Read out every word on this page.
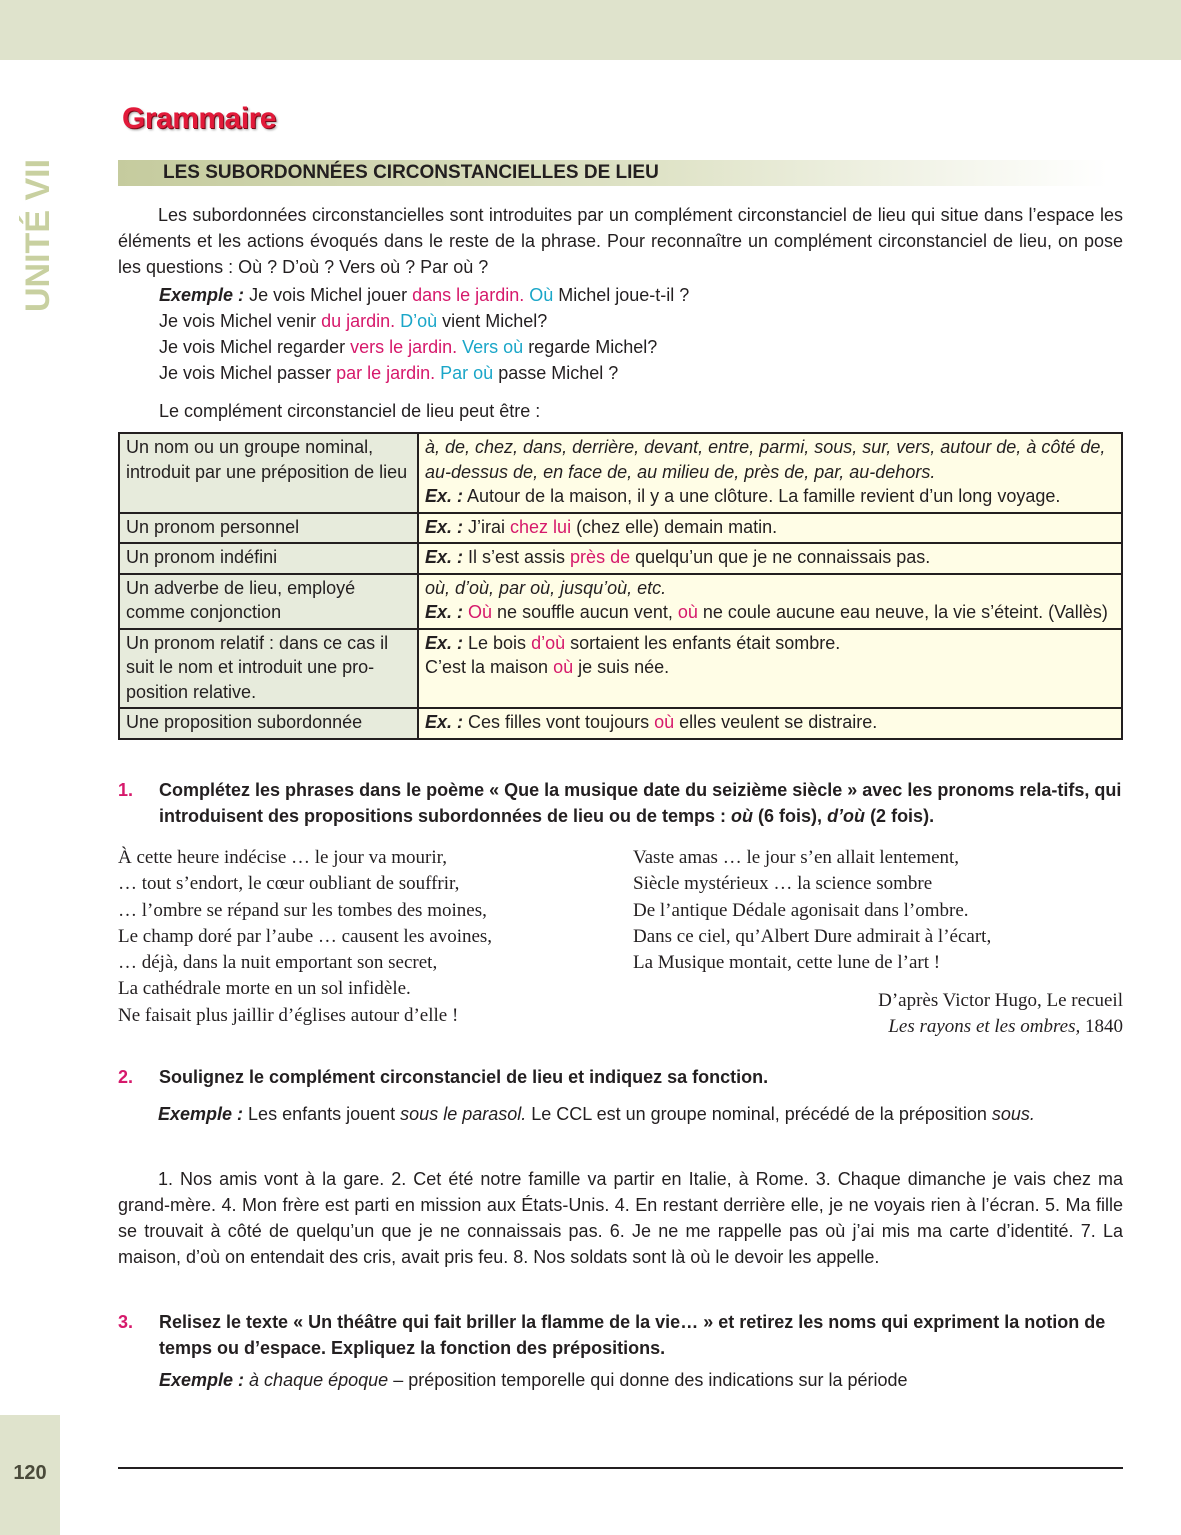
UNITÉ VII
120
Grammaire
LES SUBORDONNÉES CIRCONSTANCIELLES DE LIEU

Les subordonnées circonstancielles sont introduites par un complément circonstanciel de lieu qui situe dans l’espace les éléments et les actions évoqués dans le reste de la phrase. Pour reconnaître un complément circonstanciel de lieu, on pose les questions : Où ? D’où ? Vers où ? Par où ?

Exemple : Je vois Michel jouer dans le jardin. Où Michel joue-t-il ?
Je vois Michel venir du jardin. D’où vient Michel?
Je vois Michel regarder vers le jardin. Vers où regarde Michel?
Je vois Michel passer par le jardin. Par où passe Michel ?

Le complément circonstanciel de lieu peut être :

Un nom ou un groupe nominal, introduit par une préposition de lieu	à, de, chez, dans, derrière, devant, entre, parmi, sous, sur, vers, autour de, à côté de, au-dessus de, en face de, au milieu de, près de, par, au-dehors.
Ex. : Autour de la maison, il y a une clôture. La famille revient d’un long voyage.
Un pronom personnel	Ex. : J’irai chez lui (chez elle) demain matin.
Un pronom indéfini	Ex. : Il s’est assis près de quelqu’un que je ne connaissais pas.
Un adverbe de lieu, employé comme conjonction	où, d’où, par où, jusqu’où, etc.
Ex. : Où ne souffle aucun vent, où ne coule aucune eau neuve, la vie s’éteint. (Vallès)
Un pronom relatif : dans ce cas il suit le nom et introduit une pro-position relative.	Ex. : Le bois d’où sortaient les enfants était sombre.
C’est la maison où je suis née.
Une proposition subordonnée	Ex. : Ces filles vont toujours où elles veulent se distraire.
1. Complétez les phrases dans le poème « Que la musique date du seizième siècle » avec les pronoms rela-tifs, qui introduisent des propositions subordonnées de lieu ou de temps : où (6 fois), d’où (2 fois).
À cette heure indécise … le jour va mourir,
… tout s’endort, le cœur oubliant de souffrir,
… l’ombre se répand sur les tombes des moines,
Le champ doré par l’aube … causent les avoines,
… déjà, dans la nuit emportant son secret,
La cathédrale morte en un sol infidèle.
Ne faisait plus jaillir d’églises autour d’elle !
Vaste amas … le jour s’en allait lentement,
Siècle mystérieux … la science sombre
De l’antique Dédale agonisait dans l’ombre.
Dans ce ciel, qu’Albert Dure admirait à l’écart,
La Musique montait, cette lune de l’art !
D’après Victor Hugo, Le recueil
Les rayons et les ombres, 1840
2. Soulignez le complément circonstanciel de lieu et indiquez sa fonction.

Exemple : Les enfants jouent sous le parasol. Le CCL est un groupe nominal, précédé de la préposition sous.

1. Nos amis vont à la gare. 2. Cet été notre famille va partir en Italie, à Rome. 3. Chaque dimanche je vais chez ma grand-mère. 4. Mon frère est parti en mission aux États-Unis. 4. En restant derrière elle, je ne voyais rien à l’écran. 5. Ma fille se trouvait à côté de quelqu’un que je ne connaissais pas. 6. Je ne me rappelle pas où j’ai mis ma carte d’identité. 7. La maison, d’où on entendait des cris, avait pris feu. 8. Nos soldats sont là où le devoir les appelle.

3. Relisez le texte « Un théâtre qui fait briller la flamme de la vie… » et retirez les noms qui expriment la notion de temps ou d’espace. Expliquez la fonction des prépositions.

Exemple : à chaque époque – préposition temporelle qui donne des indications sur la période
